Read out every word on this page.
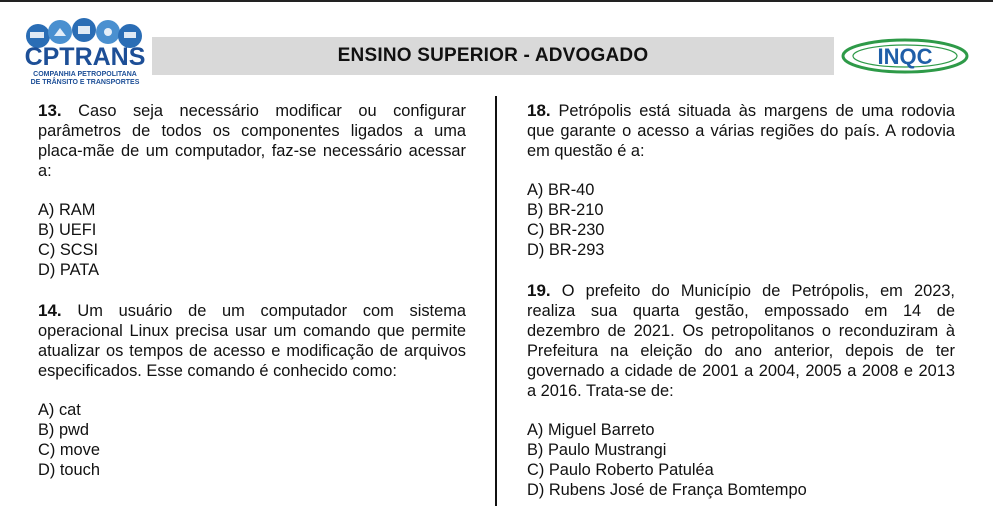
CPTRANS
COMPANHIA PETROPOLITANA
DE TRÂNSITO E TRANSPORTES
ENSINO SUPERIOR - ADVOGADO	INQC

13. Caso seja necessário modificar ou configurar parâmetros de todos os componentes ligados a uma placa-mãe de um computador, faz-se necessário acessar a:

A) RAM
B) UEFI
C) SCSI
D) PATA

14. Um usuário de um computador com sistema operacional Linux precisa usar um comando que permite atualizar os tempos de acesso e modificação de arquivos especificados. Esse comando é conhecido como:

A) cat
B) pwd
C) move
D) touch

18. Petrópolis está situada às margens de uma rodovia que garante o acesso a várias regiões do país. A rodovia em questão é a:

A) BR-40
B) BR-210
C) BR-230
D) BR-293

19. O prefeito do Município de Petrópolis, em 2023, realiza sua quarta gestão, empossado em 14 de dezembro de 2021. Os petropolitanos o reconduziram à Prefeitura na eleição do ano anterior, depois de ter governado a cidade de 2001 a 2004, 2005 a 2008 e 2013 a 2016. Trata-se de:

A) Miguel Barreto
B) Paulo Mustrangi
C) Paulo Roberto Patuléa
D) Rubens José de França Bomtempo
